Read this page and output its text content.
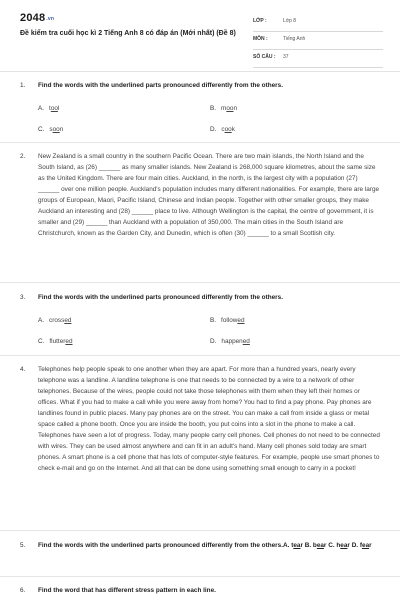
2048.vn
Đề kiểm tra cuối học kì 2 Tiếng Anh 8 có đáp án (Mới nhất) (Đề 8)
LỚP :	Lớp 8
MÔN :	Tiếng Anh
SỐ CÂU : 37
1. Find the words with the underlined parts pronounced differently from the others.
A. tool	B. moon
C. soon	D. cook
2. New Zealand is a small country in the southern Pacific Ocean. There are two main islands, the North Island and the South Island, as (26) ______ as many smaller islands. New Zealand is 268,000 square kilometres, about the same size as the United Kingdom. There are four main cities. Auckland, in the north, is the largest city with a population (27) ______ over one million people. Auckland's population includes many different nationalities. For example, there are large groups of European, Maori, Pacific Island, Chinese and Indian people. Together with other smaller groups, they make Auckland an interesting and (28) ______ place to live. Although Wellington is the capital, the centre of government, it is smaller and (29) ______ than Auckland with a population of 350,000. The main cities in the South Island are Christchurch, known as the Garden City, and Dunedin, which is often (30) ______ to a small Scottish city.
3. Find the words with the underlined parts pronounced differently from the others.
A. crossed	B. followed
C. fluttered	D. happened
4. Telephones help people speak to one another when they are apart. For more than a hundred years, nearly every telephone was a landline. A landline telephone is one that needs to be connected by a wire to a network of other telephones. Because of the wires, people could not take those telephones with them when they left their homes or offices. What if you had to make a call while you were away from home? You had to find a pay phone. Pay phones are landlines found in public places. Many pay phones are on the street. You can make a call from inside a glass or metal space called a phone booth. Once you are inside the booth, you put coins into a slot in the phone to make a call. Telephones have seen a lot of progress. Today, many people carry cell phones. Cell phones do not need to be connected with wires. They can be used almost anywhere and can fit in an adult's hand. Many cell phones sold today are smart phones. A smart phone is a cell phone that has lots of computer-style features. For example, people use smart phones to check e-mail and go on the Internet. And all that can be done using something small enough to carry in a pocket!
5. Find the words with the underlined parts pronounced differently from the others.A. tear B. bear C. hear D. fear
6. Find the word that has different stress pattern in each line.
